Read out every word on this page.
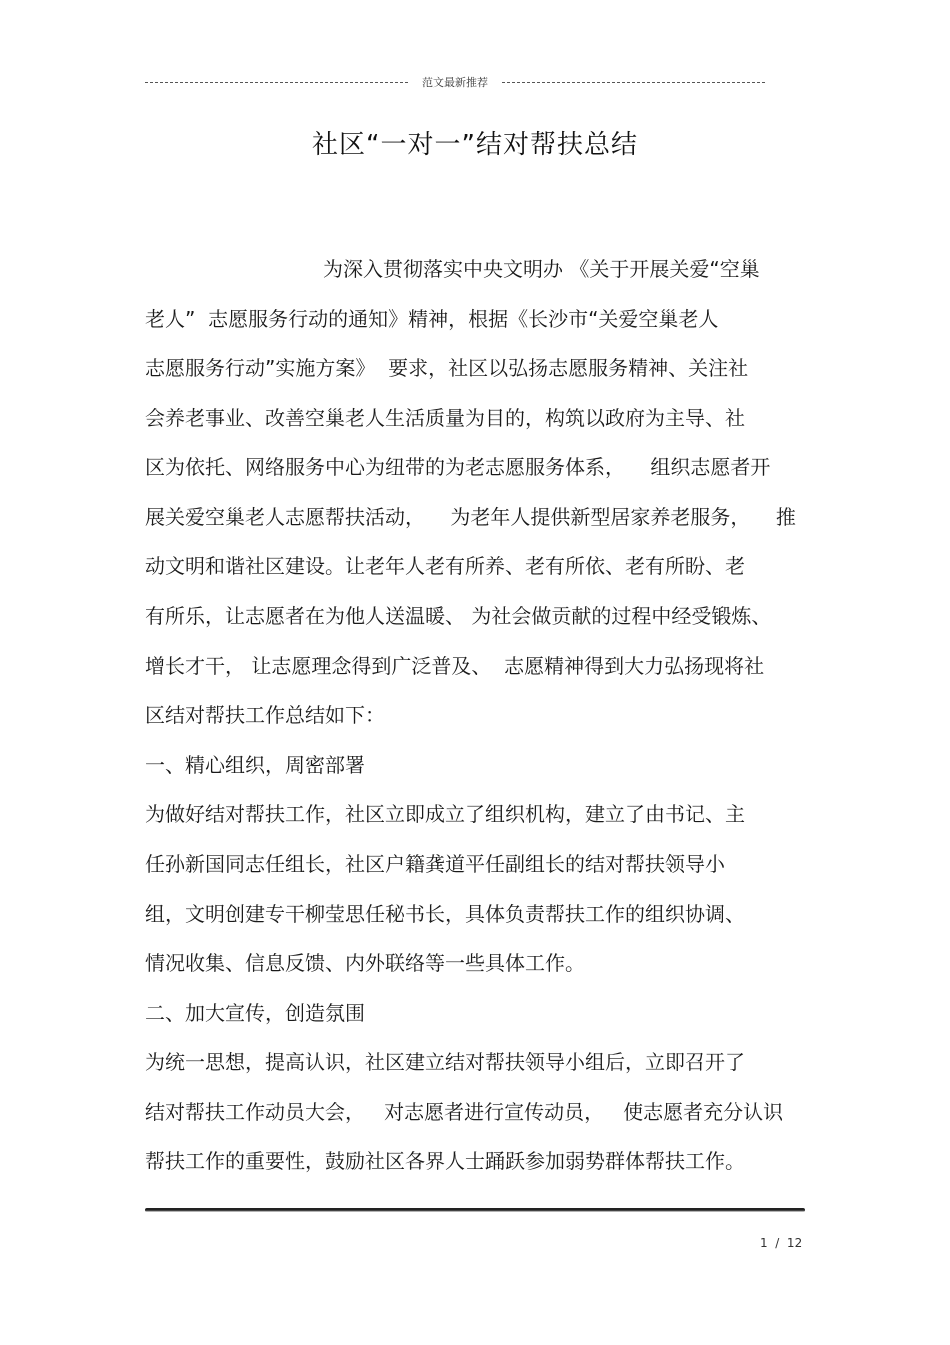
范文最新推荐
社区“一对一”结对帮扶总结
为深入贯彻落实中央文明办 《关于开展关爱“空巢
老人”  志愿服务行动的通知》精神，根据《长沙市“关爱空巢老人
志愿服务行动”实施方案》  要求，社区以弘扬志愿服务精神、关注社
会养老事业、改善空巢老人生活质量为目的，构筑以政府为主导、社
区为依托、网络服务中心为纽带的为老志愿服务体系，    组织志愿者开
展关爱空巢老人志愿帮扶活动，    为老年人提供新型居家养老服务，    推
动文明和谐社区建设。让老年人老有所养、老有所依、老有所盼、老
有所乐，让志愿者在为他人送温暖、 为社会做贡献的过程中经受锻炼、
增长才干， 让志愿理念得到广泛普及、  志愿精神得到大力弘扬现将社
区结对帮扶工作总结如下：
一、精心组织，周密部署
为做好结对帮扶工作，社区立即成立了组织机构，建立了由书记、主
任孙新国同志任组长，社区户籍龚道平任副组长的结对帮扶领导小
组，文明创建专干柳莹思任秘书长，具体负责帮扶工作的组织协调、
情况收集、信息反馈、内外联络等一些具体工作。
二、加大宣传，创造氛围
为统一思想，提高认识，社区建立结对帮扶领导小组后，立即召开了
结对帮扶工作动员大会，   对志愿者进行宣传动员，   使志愿者充分认识
帮扶工作的重要性，鼓励社区各界人士踊跃参加弱势群体帮扶工作。
1  /  12
